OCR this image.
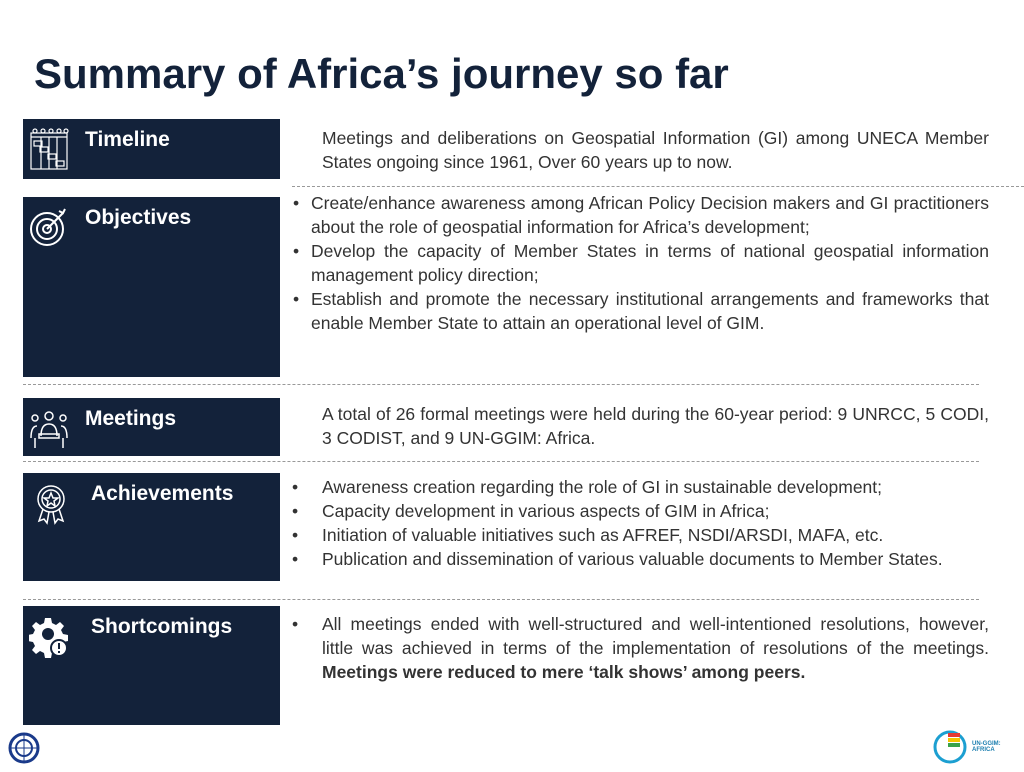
Summary of Africa’s journey so far
Timeline	Meetings and deliberations on Geospatial Information (GI) among UNECA Member States ongoing since 1961, Over 60 years up to now.
Objectives
• Create/enhance awareness among African Policy Decision makers and GI practitioners about the role of geospatial information for Africa’s development;
• Develop the capacity of Member States in terms of national geospatial information management policy direction;
• Establish and promote the necessary institutional arrangements and frameworks that enable Member State to attain an operational level of GIM.
Meetings	A total of 26 formal meetings were held during the 60-year period: 9 UNRCC, 5 CODI, 3 CODIST, and 9 UN-GGIM: Africa.
Achievements	• Awareness creation regarding the role of GI in sustainable development;
• Capacity development in various aspects of GIM in Africa;
• Initiation of valuable initiatives such as AFREF, NSDI/ARSDI, MAFA, etc.
• Publication and dissemination of various valuable documents to Member States.
Shortcomings	• All meetings ended with well-structured and well-intentioned resolutions, however, little was achieved in terms of the implementation of resolutions of the meetings. Meetings were reduced to mere ‘talk shows’ among peers.
UN-GGIM: AFRICA
